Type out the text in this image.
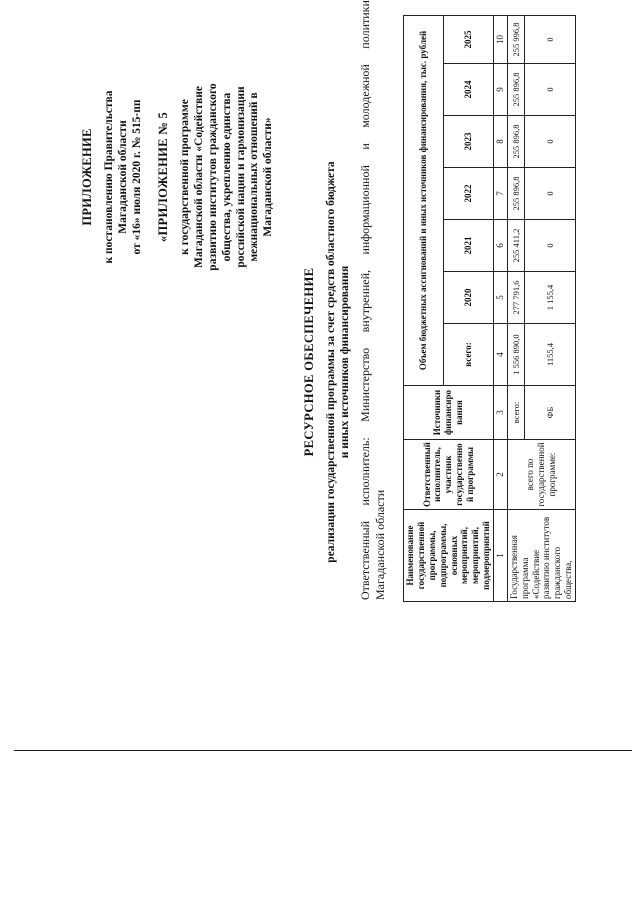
ПРИЛОЖЕНИЕ к постановлению Правительства Магаданской области от «16» июля 2020 г. № 515-пп «ПРИЛОЖЕНИЕ № 5 к государственной программе Магаданской области «Содействие развитию институтов гражданского общества, укреплению единства российской нации и гармонизации межнациональных отношений в Магаданской области»
РЕСУРСНОЕ ОБЕСПЕЧЕНИЕ реализации государственной программы за счет средств областного бюджета и иных источников финансирования
Ответственный
исполнитель:
Министерство
внутренней,
информационной
и
молодежной
политики
Магаданской области Наименование государственной программы, подпрограммы, основных мероприятий, мероприятий, подмероприятий	Ответственный исполнитель, участник государственной программы	Источники финансирования	Объем бюджетных ассигнований и иных источников финансирования, тыс. рублей						
			всего:	2020	2021	2022	2023	2024	2025
1	2	3	4	5	6	7	8	9	10
Государственная программа «Содействие развитию институтов гражданского общества,	всего по государственной программе:	всего:	1 556 890,0	277 791,6	255 411,2	255 896,8	255 896,8	255 896,8	255 996,8
		ФБ	1155,4	1 155,4	0	0	0	0	0
